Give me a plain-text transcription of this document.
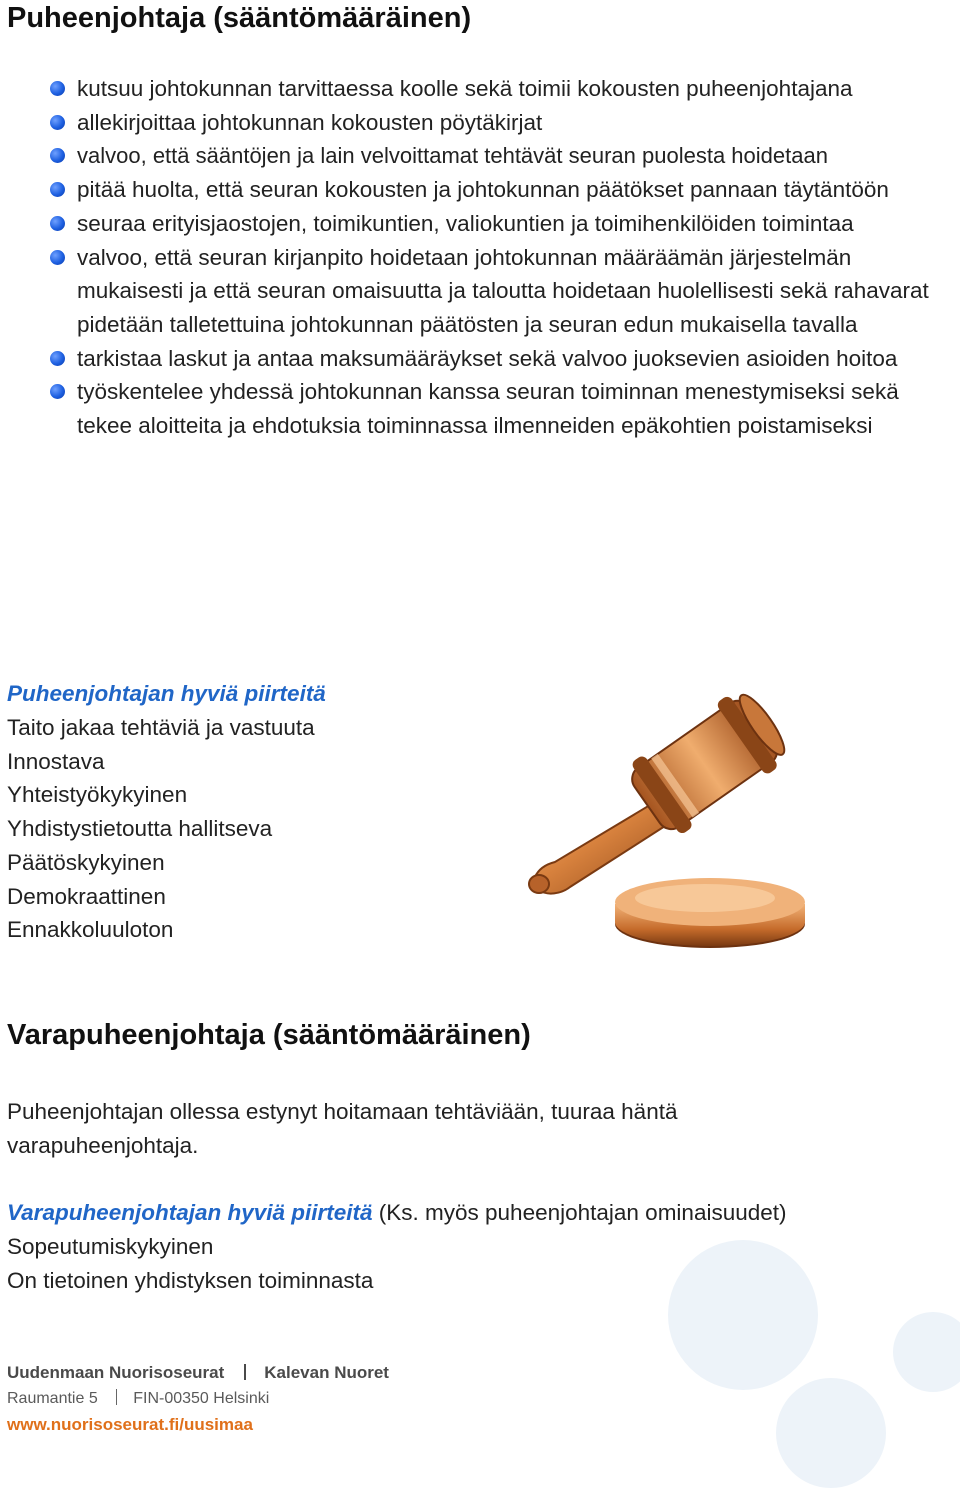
Puheenjohtaja (sääntömääräinen)
kutsuu johtokunnan tarvittaessa koolle sekä toimii kokousten puheenjohtajana
allekirjoittaa johtokunnan kokousten pöytäkirjat
valvoo, että sääntöjen ja lain velvoittamat tehtävät seuran puolesta hoidetaan
pitää huolta, että seuran kokousten ja johtokunnan päätökset pannaan täytäntöön
seuraa erityisjaostojen, toimikuntien, valiokuntien ja toimihenkilöiden toimintaa
valvoo, että seuran kirjanpito hoidetaan johtokunnan määräämän järjestelmän mukaisesti ja että seuran omaisuutta ja taloutta hoidetaan huolellisesti sekä rahavarat pidetään talletettuina johtokunnan päätösten ja seuran edun mukaisella tavalla
tarkistaa laskut ja antaa maksumääräykset sekä valvoo juoksevien asioiden hoitoa
työskentelee yhdessä johtokunnan kanssa seuran toiminnan menestymiseksi sekä tekee aloitteita ja ehdotuksia toiminnassa ilmenneiden epäkohtien poistamiseksi
Puheenjohtajan hyviä piirteitä
Taito jakaa tehtäviä ja vastuuta
Innostava
Yhteistyökykyinen
Yhdistystietoutta hallitseva
Päätöskykyinen
Demokraattinen
Ennakkoluuloton
Varapuheenjohtaja (sääntömääräinen)

Puheenjohtajan ollessa estynyt hoitamaan tehtäviään, tuuraa häntä varapuheenjohtaja.

Varapuheenjohtajan hyviä piirteitä (Ks. myös puheenjohtajan ominaisuudet)

Sopeutumiskykyinen
On tietoinen yhdistyksen toiminnasta
Uudenmaan Nuorisoseurat Kalevan Nuoret
Raumantie 5 FIN-00350 Helsinki
www.nuorisoseurat.fi/uusimaa
